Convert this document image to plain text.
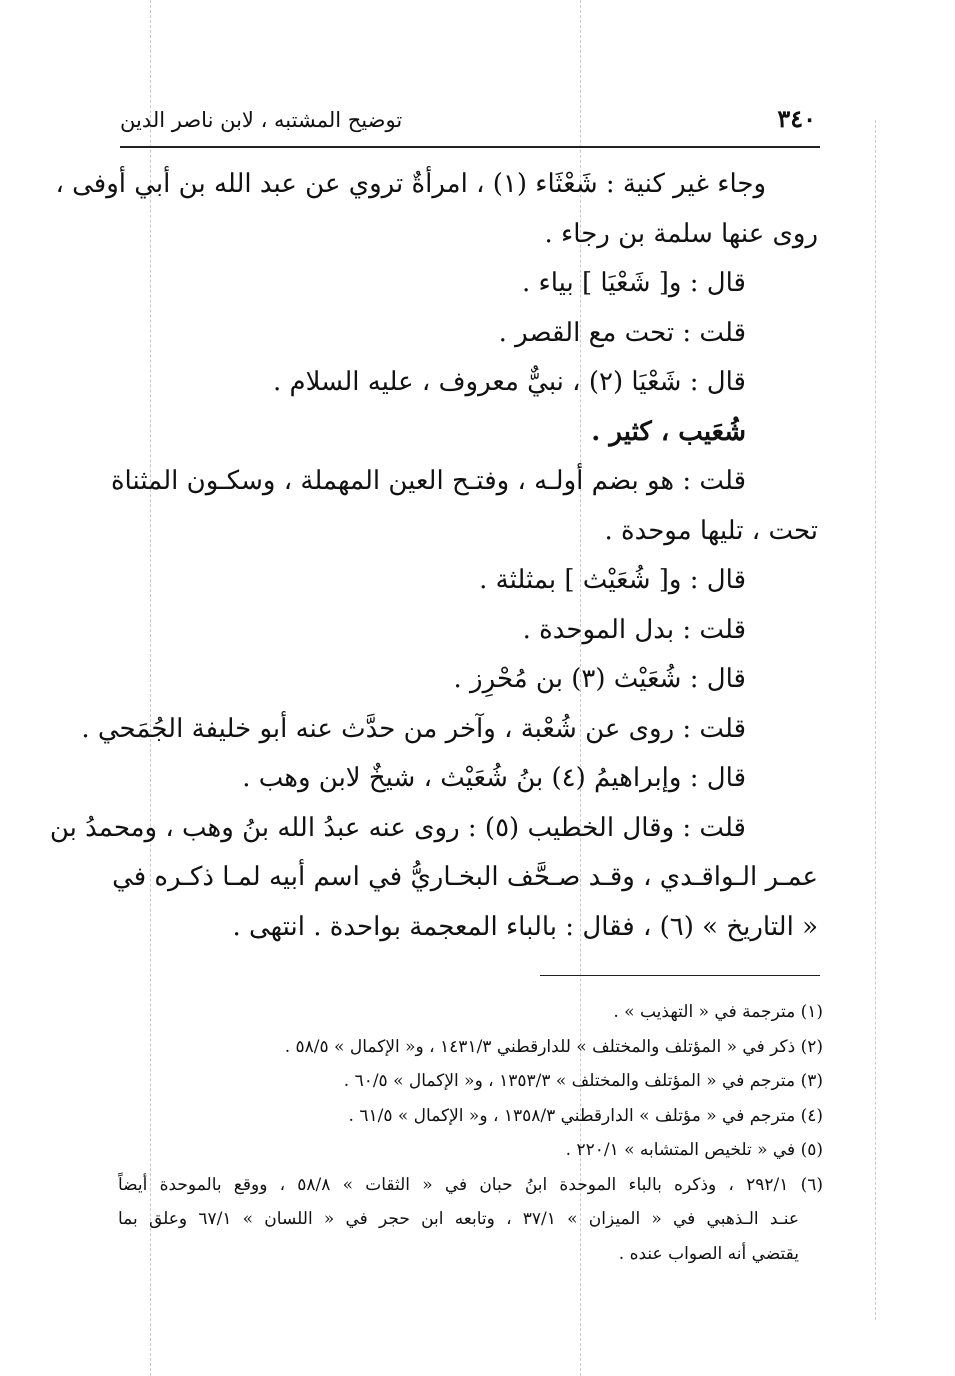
٣٤٠
توضيح المشتبه ، لابن ناصر الدين
وجاء غير كنية : شَعْثَاء (١) ، امرأةٌ تروي عن عبد الله بن أبي أوفى ،
روى عنها سلمة بن رجاء .
قال : و[ شَعْيَا ] بياء .
قلت : تحت مع القصر .
قال : شَعْيَا (٢) ، نبيٌّ معروف ، عليه السلام .
شُعَيب ، كثير .
قلت : هو بضم أولـه ، وفتـح العين المهملة ، وسكـون المثناة
تحت ، تليها موحدة .
قال : و[ شُعَيْث ] بمثلثة .
قلت : بدل الموحدة .
قال : شُعَيْث (٣) بن مُحْرِز .
قلت : روى عن شُعْبة ، وآخر من حدَّث عنه أبو خليفة الجُمَحي .
قال : وإبراهيمُ (٤) بنُ شُعَيْث ، شيخٌ لابن وهب .
قلت : وقال الخطيب (٥) : روى عنه عبدُ الله بنُ وهب ، ومحمدُ بن
عمـر الـواقـدي ، وقـد صـحَّف البخـاريُّ في اسم أبيه لمـا ذكـره في
« التاريخ » (٦) ، فقال : بالباء المعجمة بواحدة . انتهى .
(١) مترجمة في « التهذيب » .
(٢) ذكر في « المؤتلف والمختلف » للدارقطني ١٤٣١/٣ ، و« الإكمال » ٥٨/٥ .
(٣) مترجم في « المؤتلف والمختلف » ١٣٥٣/٣ ، و« الإكمال » ٦٠/٥ .
(٤) مترجم في « مؤتلف » الدارقطني ١٣٥٨/٣ ، و« الإكمال » ٦١/٥ .
(٥) في « تلخيص المتشابه » ٢٢٠/١ .
(٦) ٢٩٢/١ ، وذكره بالباء الموحدة ابنُ حبان في « الثقات » ٥٨/٨ ، ووقع بالموحدة أيضاً
عنـد الـذهبي في « الميزان » ٣٧/١ ، وتابعه ابن حجر في « اللسان » ٦٧/١ وعلق بما
يقتضي أنه الصواب عنده .
